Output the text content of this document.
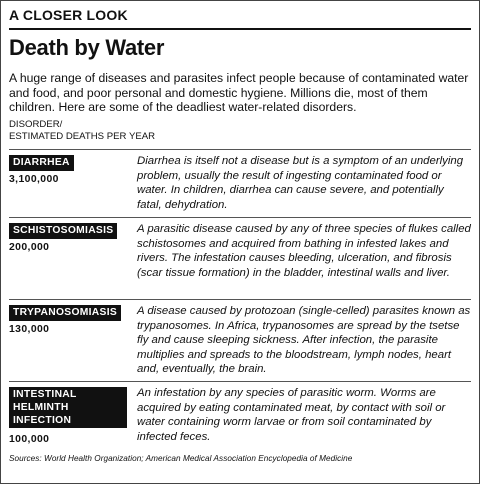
A CLOSER LOOK
Death by Water
A huge range of diseases and parasites infect people because of contaminated water and food, and poor personal and domestic hygiene. Millions die, most of them children. Here are some of the deadliest water-related disorders.
DISORDER/
ESTIMATED DEATHS PER YEAR
DIARRHEA
3,100,000
Diarrhea is itself not a disease but is a symptom of an underlying problem, usually the result of ingesting contaminated food or water. In children, diarrhea can cause severe, and potentially fatal, dehydration.
SCHISTOSOMIASIS
200,000
A parasitic disease caused by any of three species of flukes called schistosomes and acquired from bathing in infested lakes and rivers. The infestation causes bleeding, ulceration, and fibrosis (scar tissue formation) in the bladder, intestinal walls and liver.
TRYPANOSOMIASIS
130,000
A disease caused by protozoan (single-celled) parasites known as trypanosomes. In Africa, trypanosomes are spread by the tsetse fly and cause sleeping sickness. After infection, the parasite multiplies and spreads to the bloodstream, lymph nodes, heart and, eventually, the brain.
INTESTINAL
HELMINTH
INFECTION
100,000
An infestation by any species of parasitic worm. Worms are acquired by eating contaminated meat, by contact with soil or water containing worm larvae or from soil contaminated by infected feces.
Sources: World Health Organization; American Medical Association Encyclopedia of Medicine
